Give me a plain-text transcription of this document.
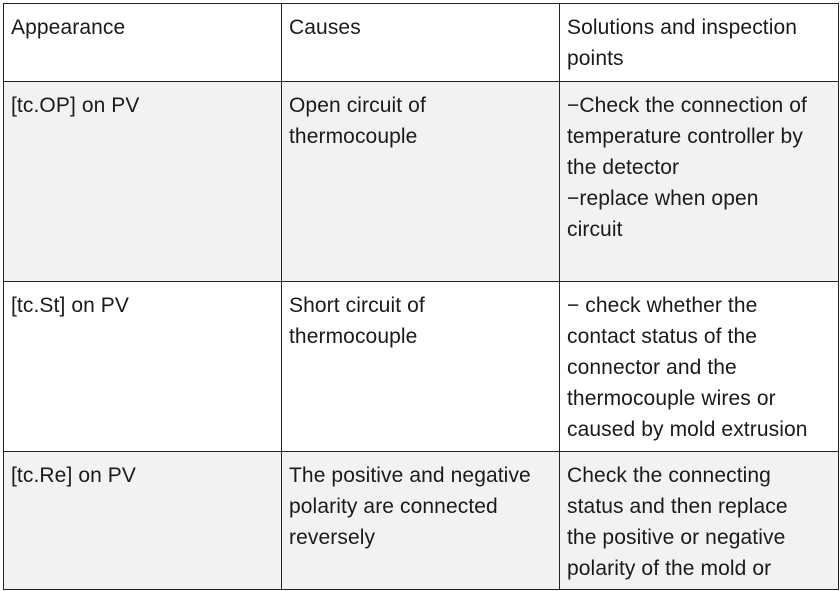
Appearance	Causes	Solutions and inspection
points

[tc.OP] on PV	Open circuit of
thermocouple	−Check the connection of
temperature controller by
the detector
−replace when open
circuit

[tc.St] on PV	Short circuit of
thermocouple	− check whether the
contact status of the
connector and the
thermocouple wires or
caused by mold extrusion

[tc.Re] on PV	The positive and negative
polarity are connected
reversely	Check the connecting
status and then replace
the positive or negative
polarity of the mold or
